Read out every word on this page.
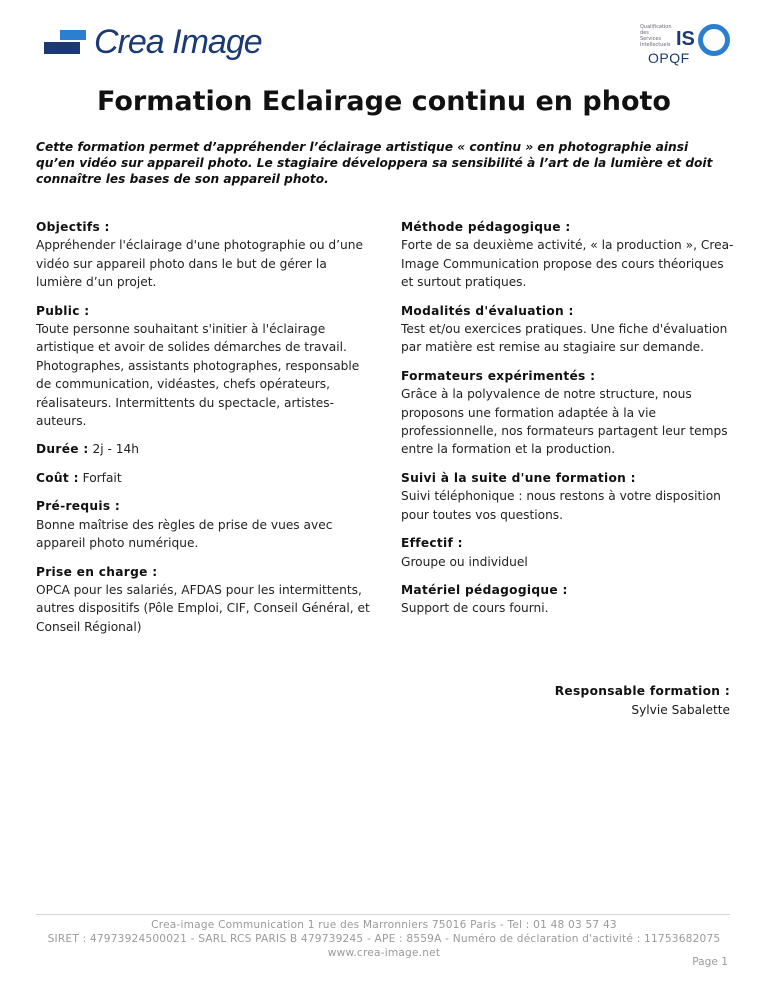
Crea Image	Qualification des Services Intellectuels IS
OPQF
Formation Eclairage continu en photo
Cette formation permet d’appréhender l’éclairage artistique « continu » en photographie ainsi qu’en vidéo sur appareil photo. Le stagiaire développera sa sensibilité à l’art de la lumière et doit connaître les bases de son appareil photo.
Objectifs :

Appréhender l'éclairage d'une photographie ou d’une vidéo sur appareil photo dans le but de gérer la lumière d’un projet.

Public :

Toute personne souhaitant s'initier à l'éclairage artistique et avoir de solides démarches de travail. Photographes, assistants photographes, responsable de communication, vidéastes, chefs opérateurs, réalisateurs. Intermittents du spectacle, artistes-auteurs.

Durée : 2j - 14h

Coût : Forfait

Pré-requis :

Bonne maîtrise des règles de prise de vues avec appareil photo numérique.

Prise en charge :

OPCA pour les salariés, AFDAS pour les intermittents, autres dispositifs (Pôle Emploi, CIF, Conseil Général, et Conseil Régional)

Méthode pédagogique :

Forte de sa deuxième activité, « la production », Crea-Image Communication propose des cours théoriques et surtout pratiques.

Modalités d'évaluation :

Test et/ou exercices pratiques. Une fiche d'évaluation par matière est remise au stagiaire sur demande.

Formateurs expérimentés :

Grâce à la polyvalence de notre structure, nous proposons une formation adaptée à la vie professionnelle, nos formateurs partagent leur temps entre la formation et la production.

Suivi à la suite d'une formation :

Suivi téléphonique : nous restons à votre disposition pour toutes vos questions.

Effectif :

Groupe ou individuel

Matériel pédagogique :

Support de cours fourni.

Responsable formation :
Sylvie Sabalette
Crea-image Communication 1 rue des Marronniers 75016 Paris - Tel : 01 48 03 57 43
SIRET : 47973924500021 - SARL RCS PARIS B 479739245 - APE : 8559A - Numéro de déclaration d'activité : 11753682075
www.crea-image.net
Page 1
